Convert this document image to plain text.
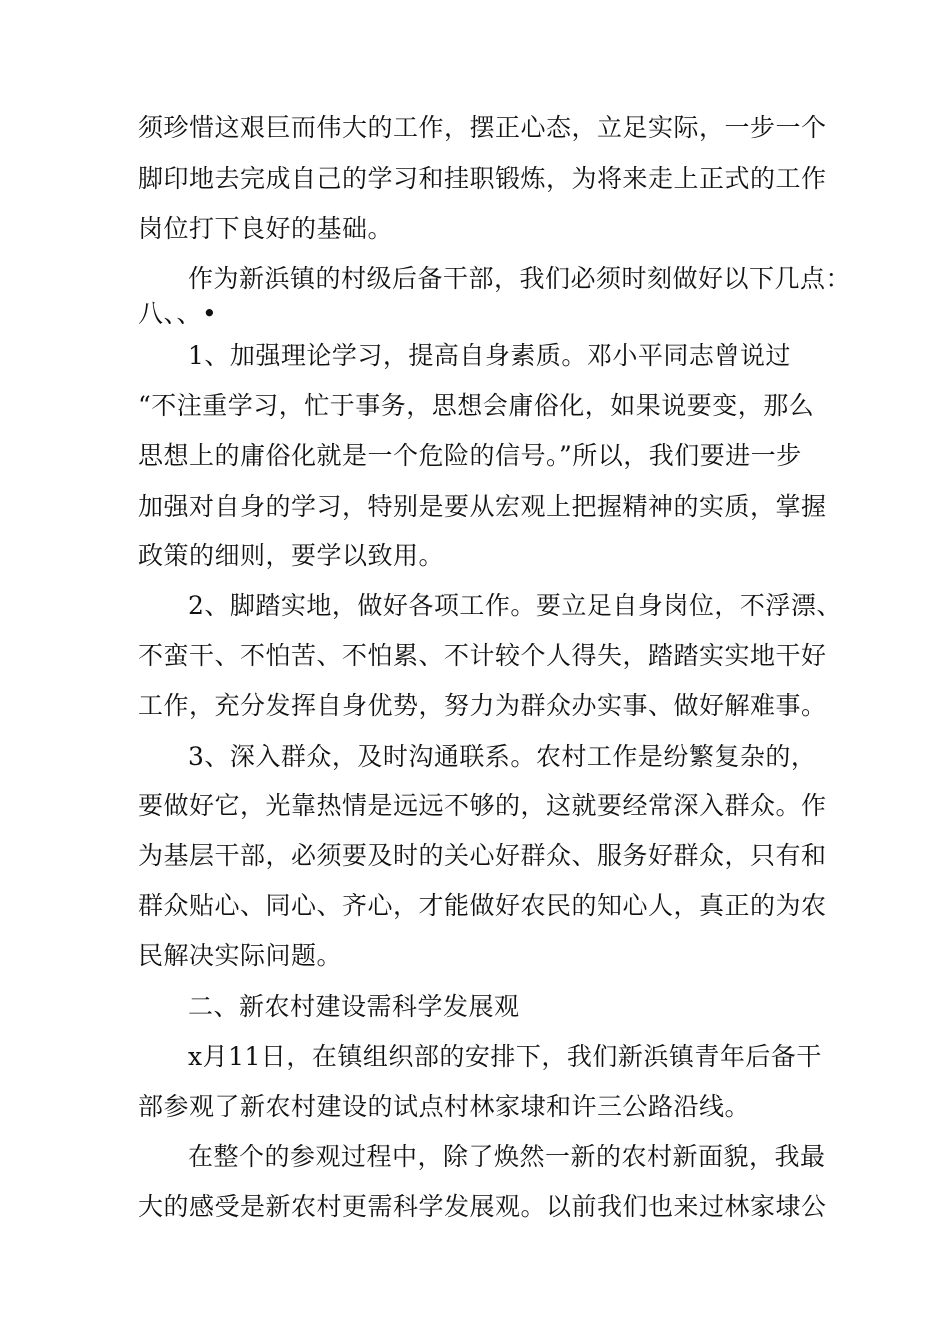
须珍惜这艰巨而伟大的工作，摆正心态，立足实际，一步一个
脚印地去完成自己的学习和挂职锻炼，为将来走上正式的工作
岗位打下良好的基础。
作为新浜镇的村级后备干部，我们必须时刻做好以下几点：
八、、•
1、加强理论学习，提高自身素质。邓小平同志曾说过
“不注重学习，忙于事务，思想会庸俗化，如果说要变，那么
思想上的庸俗化就是一个危险的信号。”所以，我们要进一步
加强对自身的学习，特别是要从宏观上把握精神的实质，掌握
政策的细则，要学以致用。
2、脚踏实地，做好各项工作。要立足自身岗位，不浮漂、
不蛮干、不怕苦、不怕累、不计较个人得失，踏踏实实地干好
工作，充分发挥自身优势，努力为群众办实事、做好解难事。
3、深入群众，及时沟通联系。农村工作是纷繁复杂的，
要做好它，光靠热情是远远不够的，这就要经常深入群众。作
为基层干部，必须要及时的关心好群众、服务好群众，只有和
群众贴心、同心、齐心，才能做好农民的知心人，真正的为农
民解决实际问题。
二、新农村建设需科学发展观
x月11日，在镇组织部的安排下，我们新浜镇青年后备干
部参观了新农村建设的试点村林家埭和许三公路沿线。
在整个的参观过程中，除了焕然一新的农村新面貌，我最
大的感受是新农村更需科学发展观。以前我们也来过林家埭公
